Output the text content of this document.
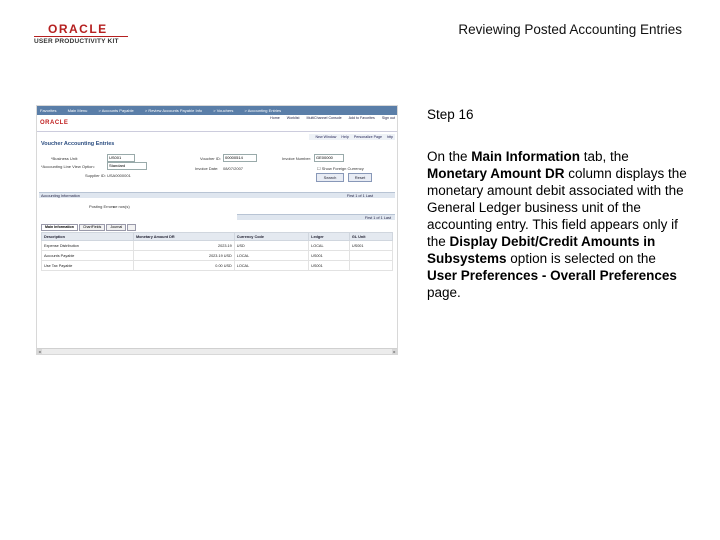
ORACLE
USER PRODUCTIVITY KIT
Reviewing Posted Accounting Entries
Favorites	Main Menu	> Accounts Payable	> Review Accounts Payable Info	> Vouchers	> Accounting Entries
ORACLE
Home Worklist MultiChannel Console Add to Favorites Sign out
New Window Help Personalize Page http
Voucher Accounting Entries
*Business Unit:	US001
*Accounting Line View Option:	Standard
Supplier ID: USA0000001
Voucher ID:	00000514
Invoice Date: 08/07/2007
Invoice Number:	GE00000
☐ Show Foreign Currency
Search	Reset
Accounting Information	First 1 of 1 Last
Posting Errors:
ne row(s)
First 1 of 1 Last
Main Information	ChartFields	Journal 
Description	Monetary Amount DR	Currency Code	Ledger	GL Unit
Expense Distribution	2023.19	USD	LOCAL	US001
Accounts Payable	2023.19 USD	LOCAL	US001	
Use Tax Payable	0.00 USD	LOCAL	US001	
◂	▸
Step 16
On the Main Information tab, the Monetary Amount DR column displays the monetary amount debit associated with the General Ledger business unit of the accounting entry. This field appears only if the Display Debit/Credit Amounts in Subsystems option is selected on the User Preferences - Overall Preferences page.
